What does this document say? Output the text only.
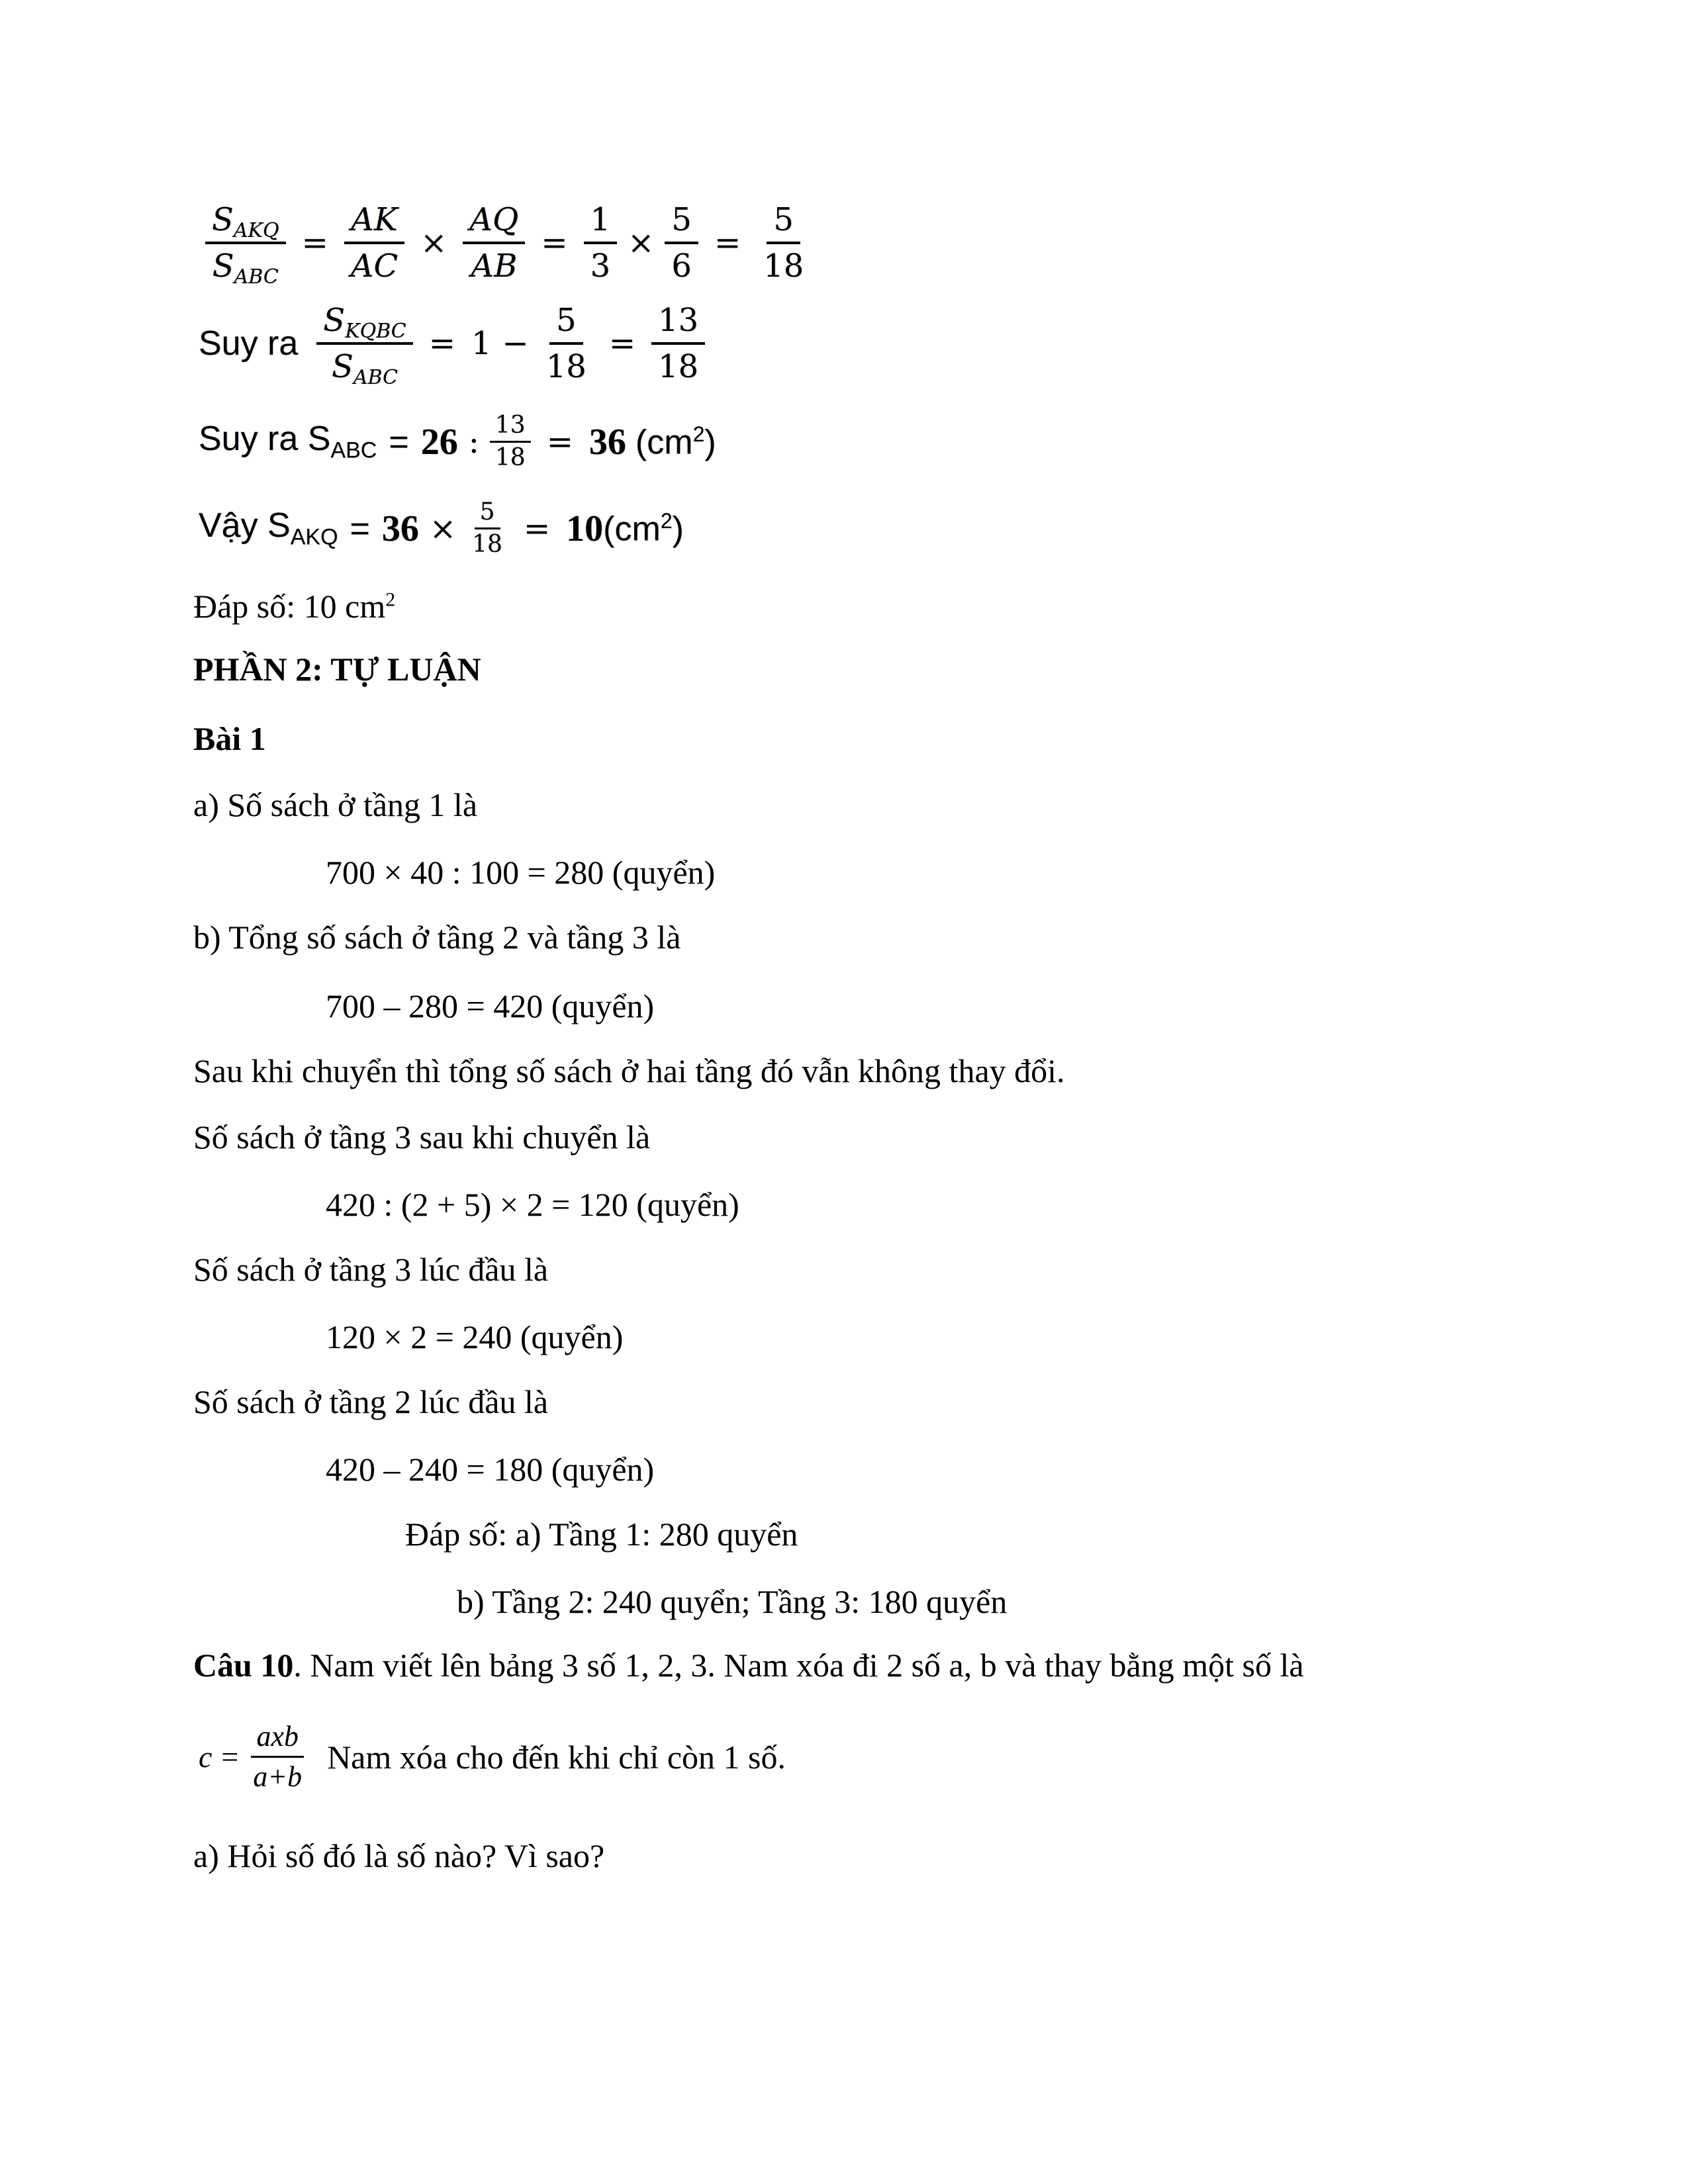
$\frac{S_{AKQ}}{S_{ABC}} = \frac{AK}{AC} \times \frac{AQ}{AB} = \frac{1}{3} \times \frac{5}{6} = \frac{5}{18}$
Suy ra $\frac{S_{KQBC}}{S_{ABC}} = 1 - \frac{5}{18} = \frac{13}{18}$
Suy ra $S_{ABC} = 26$ : $\frac{13}{18} = 36$ $(cm^2)$
Vậy $S_{AKQ} = 36 \times \frac{5}{18} = 10$ $(cm^2)$
Đáp số: 10 $cm^2$
PHẦN 2: TỰ LUẬN
Bài 1
a) Số sách ở tầng 1 là
700 × 40 : 100 = 280 (quyển)
b) Tổng số sách ở tầng 2 và tầng 3 là
700 – 280 = 420 (quyển)
Sau khi chuyển thì tổng số sách ở hai tầng đó vẫn không thay đổi.
Số sách ở tầng 3 sau khi chuyển là
420 : (2 + 5) × 2 = 120 (quyển)
Số sách ở tầng 3 lúc đầu là
120 × 2 = 240 (quyển)
Số sách ở tầng 2 lúc đầu là
420 – 240 = 180 (quyển)
Đáp số: a) Tầng 1: 280 quyển
b) Tầng 2: 240 quyển; Tầng 3: 180 quyển
Câu 10. Nam viết lên bảng 3 số 1, 2, 3. Nam xóa đi 2 số a, b và thay bằng một số là
$c = \frac{\text{axb}}{a+b}$ Nam xóa cho đến khi chỉ còn 1 số.
a) Hỏi số đó là số nào? Vì sao?
